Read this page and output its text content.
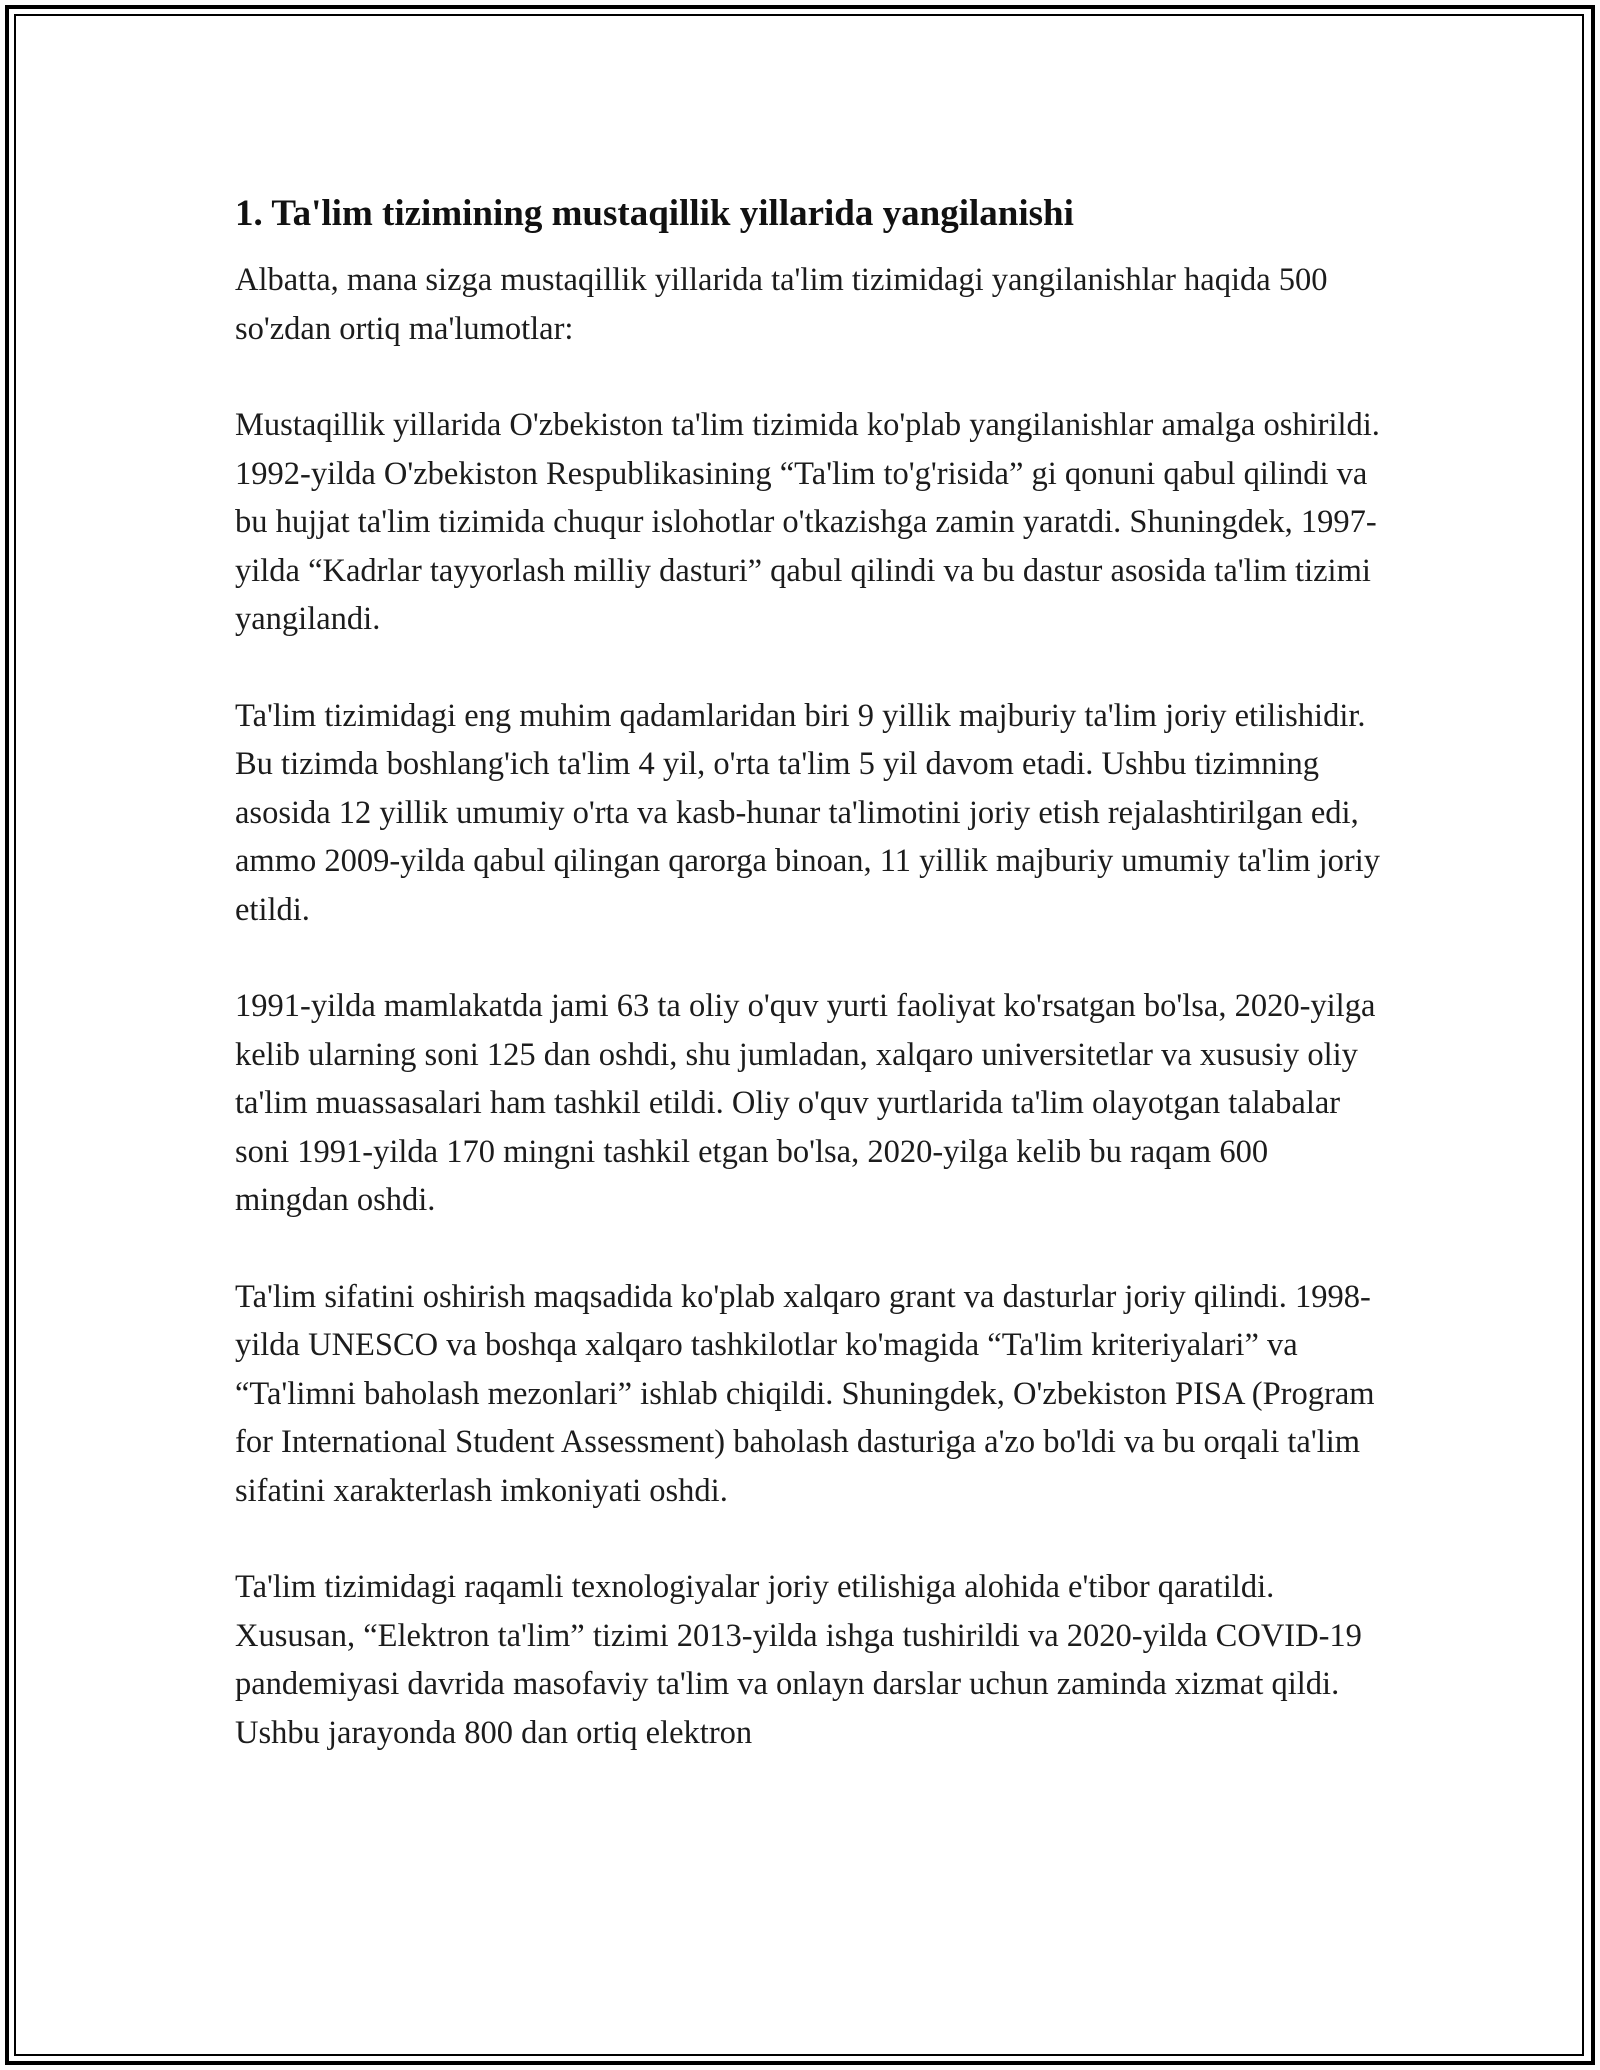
1. Ta'lim tizimining mustaqillik yillarida yangilanishi

Albatta, mana sizga mustaqillik yillarida ta'lim tizimidagi yangilanishlar haqida 500 so'zdan ortiq ma'lumotlar:

Mustaqillik yillarida O'zbekiston ta'lim tizimida ko'plab yangilanishlar amalga oshirildi. 1992-yilda O'zbekiston Respublikasining “Ta'lim to'g'risida” gi qonuni qabul qilindi va bu hujjat ta'lim tizimida chuqur islohotlar o'tkazishga zamin yaratdi. Shuningdek, 1997-yilda “Kadrlar tayyorlash milliy dasturi” qabul qilindi va bu dastur asosida ta'lim tizimi yangilandi.

Ta'lim tizimidagi eng muhim qadamlaridan biri 9 yillik majburiy ta'lim joriy etilishidir. Bu tizimda boshlang'ich ta'lim 4 yil, o'rta ta'lim 5 yil davom etadi. Ushbu tizimning asosida 12 yillik umumiy o'rta va kasb-hunar ta'limotini joriy etish rejalashtirilgan edi, ammo 2009-yilda qabul qilingan qarorga binoan, 11 yillik majburiy umumiy ta'lim joriy etildi.

1991-yilda mamlakatda jami 63 ta oliy o'quv yurti faoliyat ko'rsatgan bo'lsa, 2020-yilga kelib ularning soni 125 dan oshdi, shu jumladan, xalqaro universitetlar va xususiy oliy ta'lim muassasalari ham tashkil etildi. Oliy o'quv yurtlarida ta'lim olayotgan talabalar soni 1991-yilda 170 mingni tashkil etgan bo'lsa, 2020-yilga kelib bu raqam 600 mingdan oshdi.

Ta'lim sifatini oshirish maqsadida ko'plab xalqaro grant va dasturlar joriy qilindi. 1998-yilda UNESCO va boshqa xalqaro tashkilotlar ko'magida “Ta'lim kriteriyalari” va “Ta'limni baholash mezonlari” ishlab chiqildi. Shuningdek, O'zbekiston PISA (Program for International Student Assessment) baholash dasturiga a'zo bo'ldi va bu orqali ta'lim sifatini xarakterlash imkoniyati oshdi.

Ta'lim tizimidagi raqamli texnologiyalar joriy etilishiga alohida e'tibor qaratildi. Xususan, “Elektron ta'lim” tizimi 2013-yilda ishga tushirildi va 2020-yilda COVID-19 pandemiyasi davrida masofaviy ta'lim va onlayn darslar uchun zaminda xizmat qildi. Ushbu jarayonda 800 dan ortiq elektron
